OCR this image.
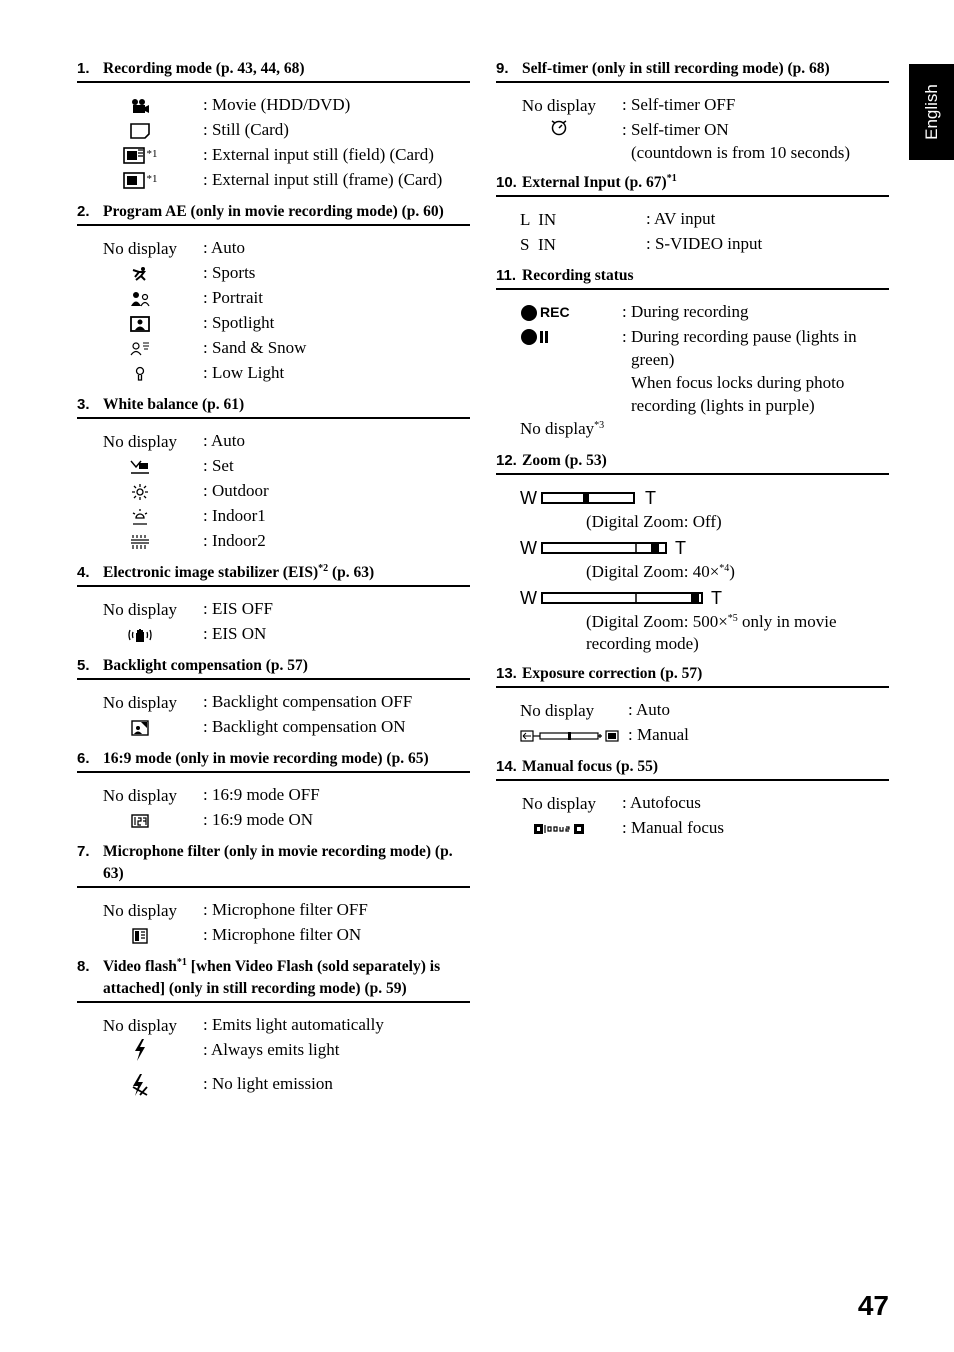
English
1. Recording mode (p. 43, 44, 68)
: Movie (HDD/DVD)
: Still (Card)
*1	: External input still (field) (Card)
*1	: External input still (frame) (Card)
2. Program AE (only in movie recording mode) (p. 60)
No display	: Auto
: Sports
: Portrait
: Spotlight
: Sand & Snow
: Low Light
3. White balance (p. 61)
No display	: Auto
: Set
: Outdoor
: Indoor1
: Indoor2
4. Electronic image stabilizer (EIS)$^{*2}$ (p. 63)
No display	: EIS OFF
: EIS ON
5. Backlight compensation (p. 57)
No display	: Backlight compensation OFF
: Backlight compensation ON
6. 16:9 mode (only in movie recording mode) (p. 65)
No display	: 16:9 mode OFF
: 16:9 mode ON
7. Microphone filter (only in movie recording mode) (p. 63)
No display	: Microphone filter OFF
: Microphone filter ON
8. Video flash$^{*1}$ [when Video Flash (sold separately) is attached] (only in still recording mode) (p. 59)
No display	: Emits light automatically
: Always emits light
: No light emission
9. Self-timer (only in still recording mode) (p. 68)
No display	: Self-timer OFF
: Self-timer ON
(countdown is from 10 seconds)
10. External Input (p. 67)$^{*1}$
L  IN	: AV input
S  IN	: S-VIDEO input
11. Recording status
REC	: During recording
: During recording pause (lights in
green)
When focus locks during photo
recording (lights in purple)
No display$^{*3}$
12. Zoom (p. 53)
W	T
(Digital Zoom: Off)
W	T
(Digital Zoom: 40×$^{*4}$)
W	T
(Digital Zoom: 500×$^{*5}$ only in movie
recording mode)
13. Exposure correction (p. 57)
No display	: Auto
: Manual
14. Manual focus (p. 55)
No display	: Autofocus
: Manual focus
47
